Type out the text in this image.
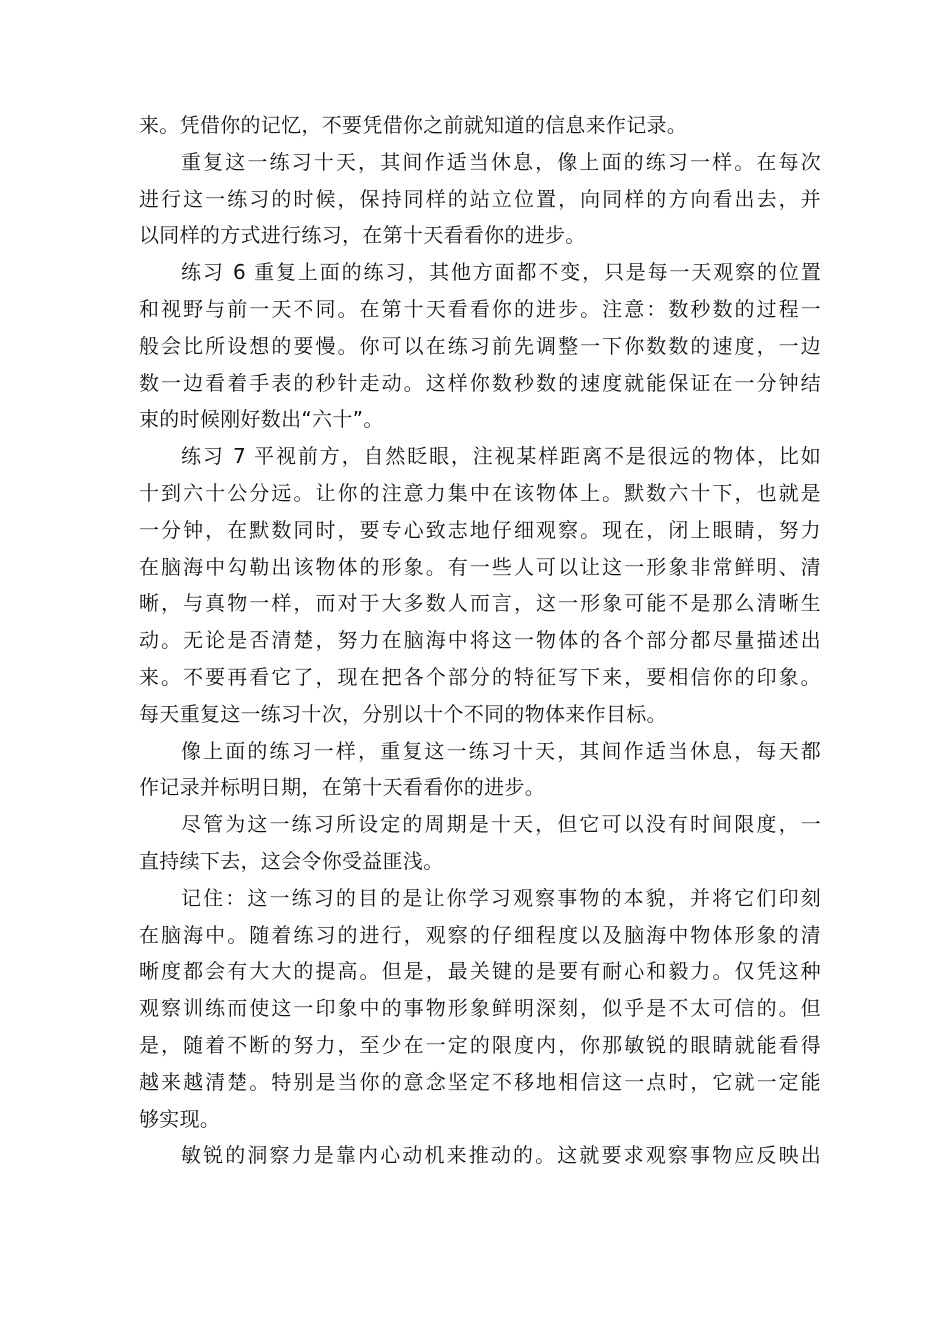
来。凭借你的记忆，不要凭借你之前就知道的信息来作记录。
重复这一练习十天，其间作适当休息，像上面的练习一样。在每次
进行这一练习的时候，保持同样的站立位置，向同样的方向看出去，并
以同样的方式进行练习，在第十天看看你的进步。
练习 6 重复上面的练习，其他方面都不变，只是每一天观察的位置
和视野与前一天不同。在第十天看看你的进步。注意：数秒数的过程一
般会比所设想的要慢。你可以在练习前先调整一下你数数的速度，一边
数一边看着手表的秒针走动。这样你数秒数的速度就能保证在一分钟结
束的时候刚好数出“六十”。
练习 7 平视前方，自然眨眼，注视某样距离不是很远的物体，比如
十到六十公分远。让你的注意力集中在该物体上。默数六十下，也就是
一分钟，在默数同时，要专心致志地仔细观察。现在，闭上眼睛，努力
在脑海中勾勒出该物体的形象。有一些人可以让这一形象非常鲜明、清
晰，与真物一样，而对于大多数人而言，这一形象可能不是那么清晰生
动。无论是否清楚，努力在脑海中将这一物体的各个部分都尽量描述出
来。不要再看它了，现在把各个部分的特征写下来，要相信你的印象。
每天重复这一练习十次，分别以十个不同的物体来作目标。
像上面的练习一样，重复这一练习十天，其间作适当休息，每天都
作记录并标明日期，在第十天看看你的进步。
尽管为这一练习所设定的周期是十天，但它可以没有时间限度，一
直持续下去，这会令你受益匪浅。
记住：这一练习的目的是让你学习观察事物的本貌，并将它们印刻
在脑海中。随着练习的进行，观察的仔细程度以及脑海中物体形象的清
晰度都会有大大的提高。但是，最关键的是要有耐心和毅力。仅凭这种
观察训练而使这一印象中的事物形象鲜明深刻，似乎是不太可信的。但
是，随着不断的努力，至少在一定的限度内，你那敏锐的眼睛就能看得
越来越清楚。特别是当你的意念坚定不移地相信这一点时，它就一定能
够实现。
敏锐的洞察力是靠内心动机来推动的。这就要求观察事物应反映出
